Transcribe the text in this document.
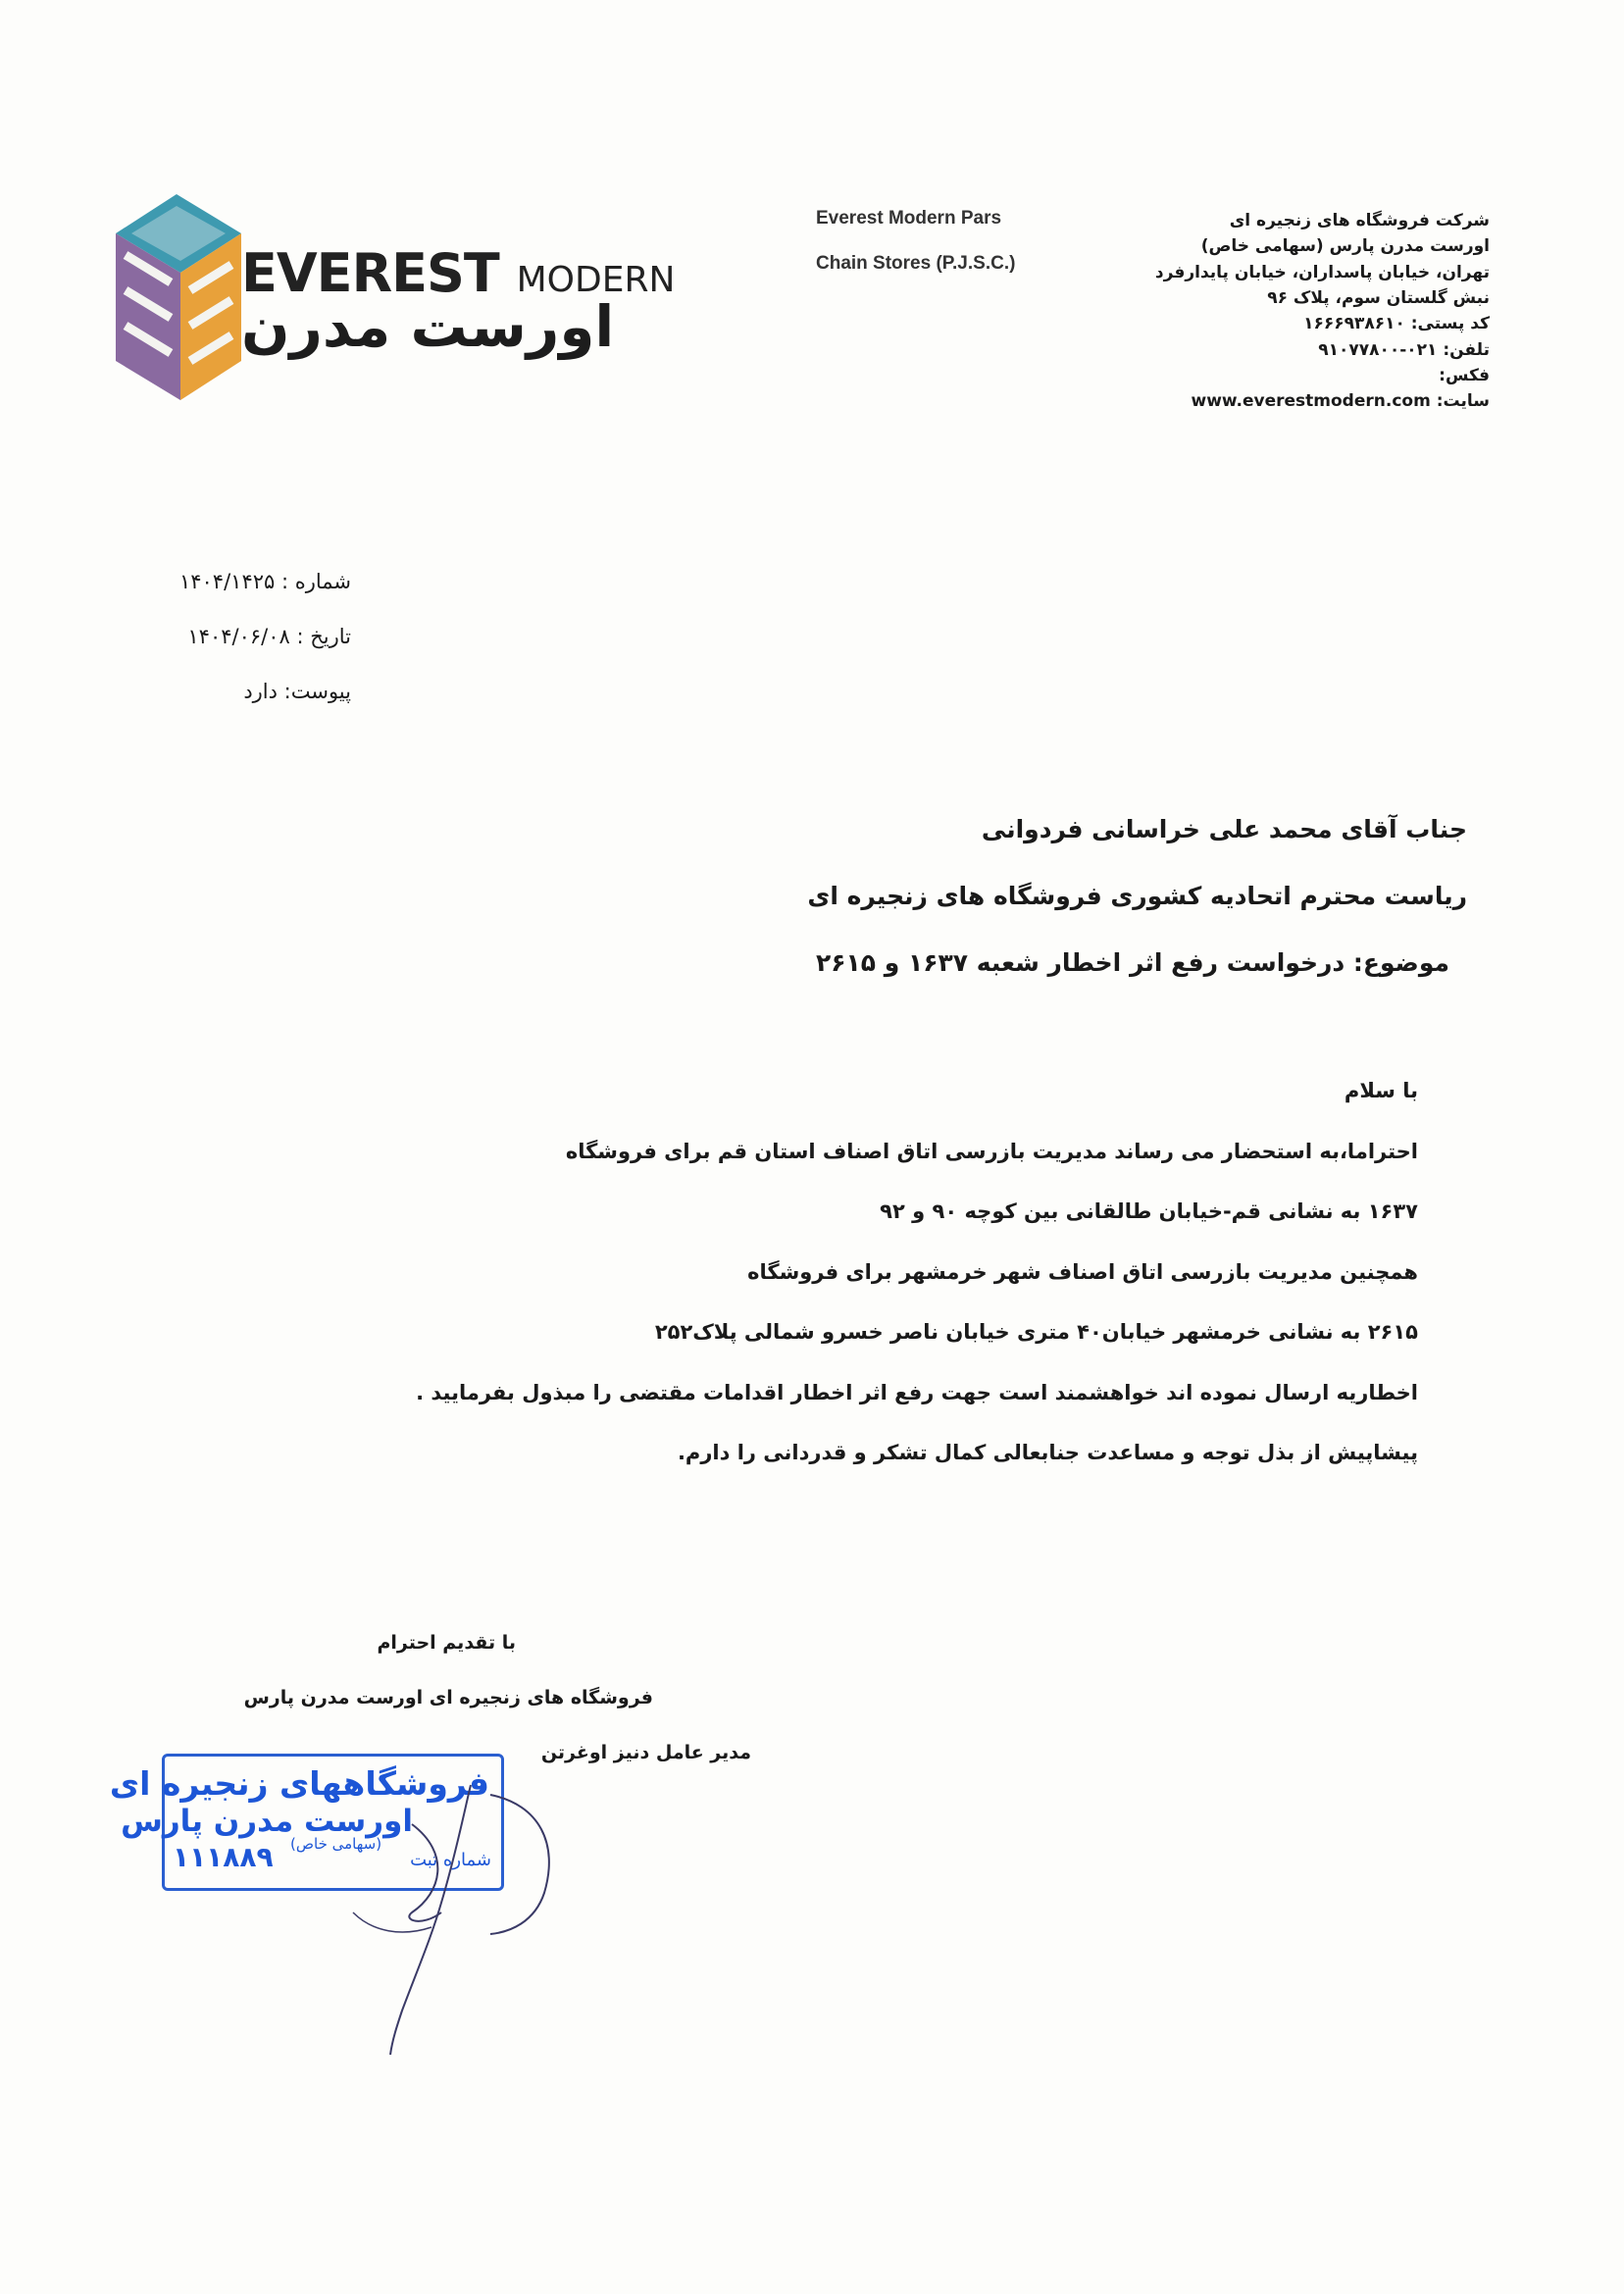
EVEREST MODERN
اورست مدرن
Everest Modern Pars
Chain Stores (P.J.S.C.)
شرکت فروشگاه های زنجیره ای
اورست مدرن پارس (سهامی خاص)
تهران، خیابان پاسداران، خیابان پایدارفرد
نبش گلستان سوم، پلاک ۹۶
کد پستی: ۱۶۶۶۹۳۸۶۱۰
تلفن: ۰۲۱-۹۱۰۷۷۸۰۰
فکس:
سایت: www.everestmodern.com
شماره : ۱۴۰۴/۱۴۲۵
تاریخ : ۱۴۰۴/۰۶/۰۸
پیوست: دارد
جناب آقای محمد علی خراسانی فردوانی
ریاست محترم اتحادیه کشوری فروشگاه های زنجیره ای
موضوع: درخواست رفع اثر اخطار شعبه ۱۶۳۷ و ۲۶۱۵
با سلام
احتراما،به استحضار می رساند مدیریت بازرسی اتاق اصناف استان قم برای فروشگاه
۱۶۳۷ به نشانی قم-خیابان طالقانی بین کوچه ۹۰ و ۹۲
همچنین مدیریت بازرسی اتاق اصناف شهر خرمشهر برای فروشگاه
۲۶۱۵ به نشانی خرمشهر خیابان۴۰ متری خیابان ناصر خسرو شمالی پلاک۲۵۲
اخطاریه ارسال نموده اند خواهشمند است جهت رفع اثر اخطار اقدامات مقتضی را مبذول بفرمایید .
پیشاپیش از بذل توجه و مساعدت جنابعالی کمال تشکر و قدردانی را دارم.
با تقدیم احترام
فروشگاه های زنجیره ای اورست مدرن پارس
مدیر عامل دنیز اوغرتن
فروشگاههای زنجیره ای
اورست مدرن پارس
(سهامی خاص)
شماره ثبت
۱۱۱۸۸۹
